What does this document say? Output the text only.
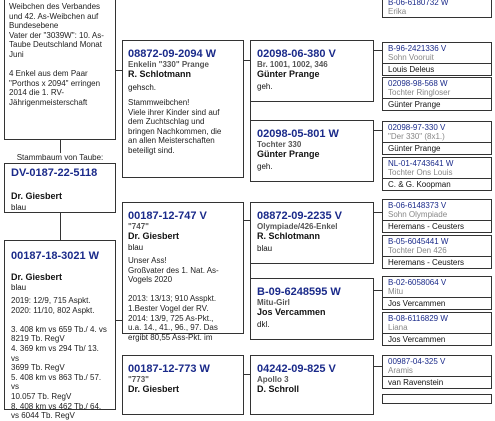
Weibchen des Verbandes
und 42. As-Weibchen auf
Bundesebene
Vater der "3039W": 10. As-
Taube Deutschland Monat
Juni

4 Enkel aus dem Paar
"Porthos x 2094" erringen
2014 die 1. RV-
Jährigenmeisterschaft
Stammbaum von Taube:
DV-0187-22-5118
Dr. Giesbert
blau
00187-18-3021 W
Dr. Giesbert
blau
2019: 12/9, 715 Aspkt.
2020: 11/10, 802 Aspkt.

3. 408 km vs 659 Tb./ 4. vs
8219 Tb. RegV
4. 369 km vs 294 Tb/ 13. vs
3699 Tb. RegV
5. 408 km vs 863 Tb./ 57. vs
10.057 Tb. RegV
8. 408 km vs 462 Tb./ 64.
vs 6044 Tb. RegV
08872-09-2094 W
Enkelin "330" Prange
R. Schlotmann
gehsch.
Stammweibchen!
Viele ihrer Kinder sind auf
dem Zuchtschlag und
bringen Nachkommen, die
an allen Meisterschaften
beteiligt sind.
00187-12-747 V
"747"
Dr. Giesbert
blau
Unser Ass!
Großvater des 1. Nat. As-
Vogels 2020

2013: 13/13; 910 Asspkt.
1.Bester Vogel der RV.
2014: 13/9, 725 As-Pkt.,
u.a. 14., 41., 96., 97. Das
ergibt 80,55 Ass-Pkt. im
00187-12-773 W
"773"
Dr. Giesbert
02098-06-380 V
Br. 1001, 1002, 346
Günter Prange
geh.
02098-05-801 W
Tochter 330
Günter Prange
geh.
08872-09-2235 V
Olympiade/426-Enkel
R. Schlotmann
blau
B-09-6248595 W
Mitu-Girl
Jos Vercammen
dkl.
04242-09-825 V
Apollo 3
D. Schroll
B-06-6180732 W
Erika
B-96-2421336 V
Sohn Vooruit
Louis Deleus
02098-98-568 W
Tochter Ringloser
Günter Prange
02098-97-330 V
"Der 330" (8x1.)
Günter Prange
NL-01-4743641 W
Tochter Ons Louis
C. & G. Koopman
B-06-6148373 V
Sohn Olympiade
Heremans - Ceusters
B-05-6045441 W
Tochter Den 426
Heremans - Ceusters
B-02-6058064 V
Mitu
Jos Vercammen
B-08-6116829 W
Liana
Jos Vercammen
00987-04-325 V
Aramis
van Ravenstein
